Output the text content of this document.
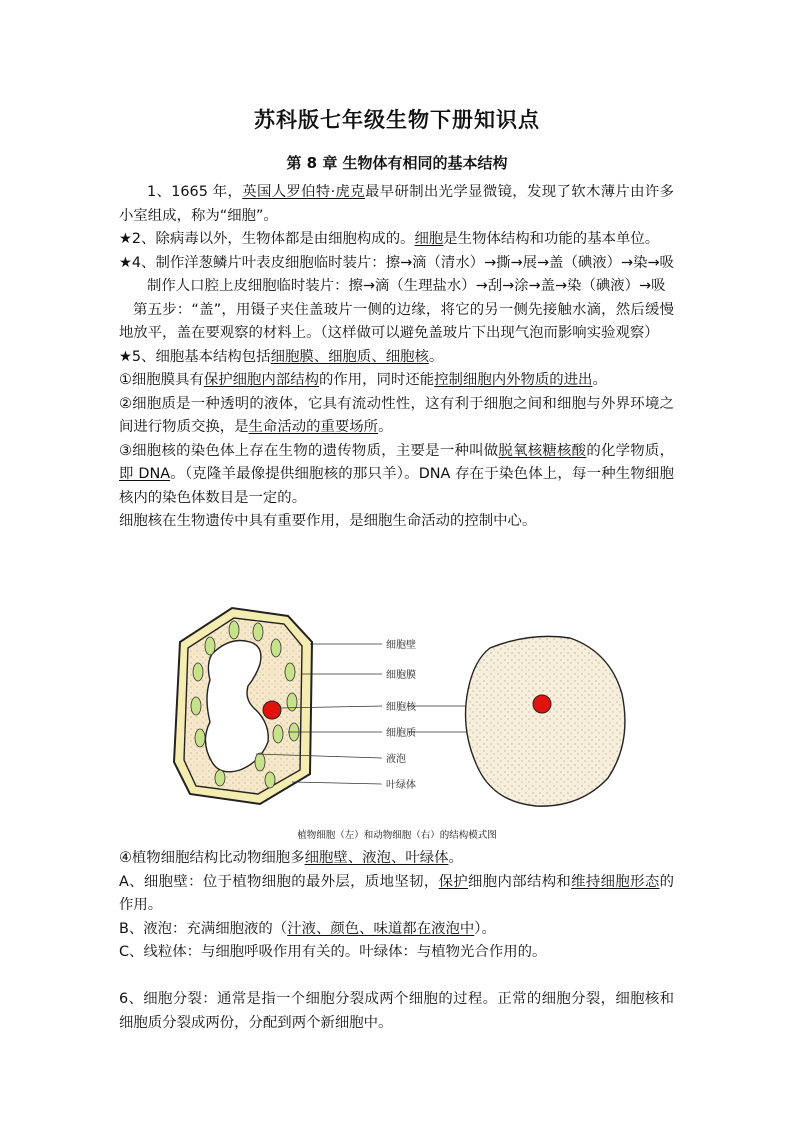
苏科版七年级生物下册知识点
第 8 章 生物体有相同的基本结构

1、1665 年，英国人罗伯特·虎克最早研制出光学显微镜，发现了软木薄片由许多小室组成，称为“细胞”。

★2、除病毒以外，生物体都是由细胞构成的。细胞是生物体结构和功能的基本单位。

★4、制作洋葱鳞片叶表皮细胞临时装片：擦→滴（清水）→撕→展→盖（碘液）→染→吸

制作人口腔上皮细胞临时装片：擦→滴（生理盐水）→刮→涂→盖→染（碘液）→吸

第五步：“盖”，用镊子夹住盖玻片一侧的边缘，将它的另一侧先接触水滴，然后缓慢地放平，盖在要观察的材料上。（这样做可以避免盖玻片下出现气泡而影响实验观察）

★5、细胞基本结构包括细胞膜、细胞质、细胞核。

①细胞膜具有保护细胞内部结构的作用，同时还能控制细胞内外物质的进出。

②细胞质是一种透明的液体，它具有流动性性，这有利于细胞之间和细胞与外界环境之间进行物质交换，是生命活动的重要场所。

③细胞核的染色体上存在生物的遗传物质，主要是一种叫做脱氧核糖核酸的化学物质，即 DNA。（克隆羊最像提供细胞核的那只羊）。DNA 存在于染色体上，每一种生物细胞核内的染色体数目是一定的。

细胞核在生物遗传中具有重要作用，是细胞生命活动的控制中心。

细胞壁
细胞膜
细胞核
细胞质
液泡
叶绿体
植物细胞（左）和动物细胞（右）的结构模式图

④植物细胞结构比动物细胞多细胞壁、液泡、叶绿体。

A、细胞壁：位于植物细胞的最外层，质地坚韧，保护细胞内部结构和维持细胞形态的作用。

B、液泡：充满细胞液的（汁液、颜色、味道都在液泡中）。

C、线粒体：与细胞呼吸作用有关的。叶绿体：与植物光合作用的。

6、细胞分裂：通常是指一个细胞分裂成两个细胞的过程。正常的细胞分裂，细胞核和细胞质分裂成两份，分配到两个新细胞中。
